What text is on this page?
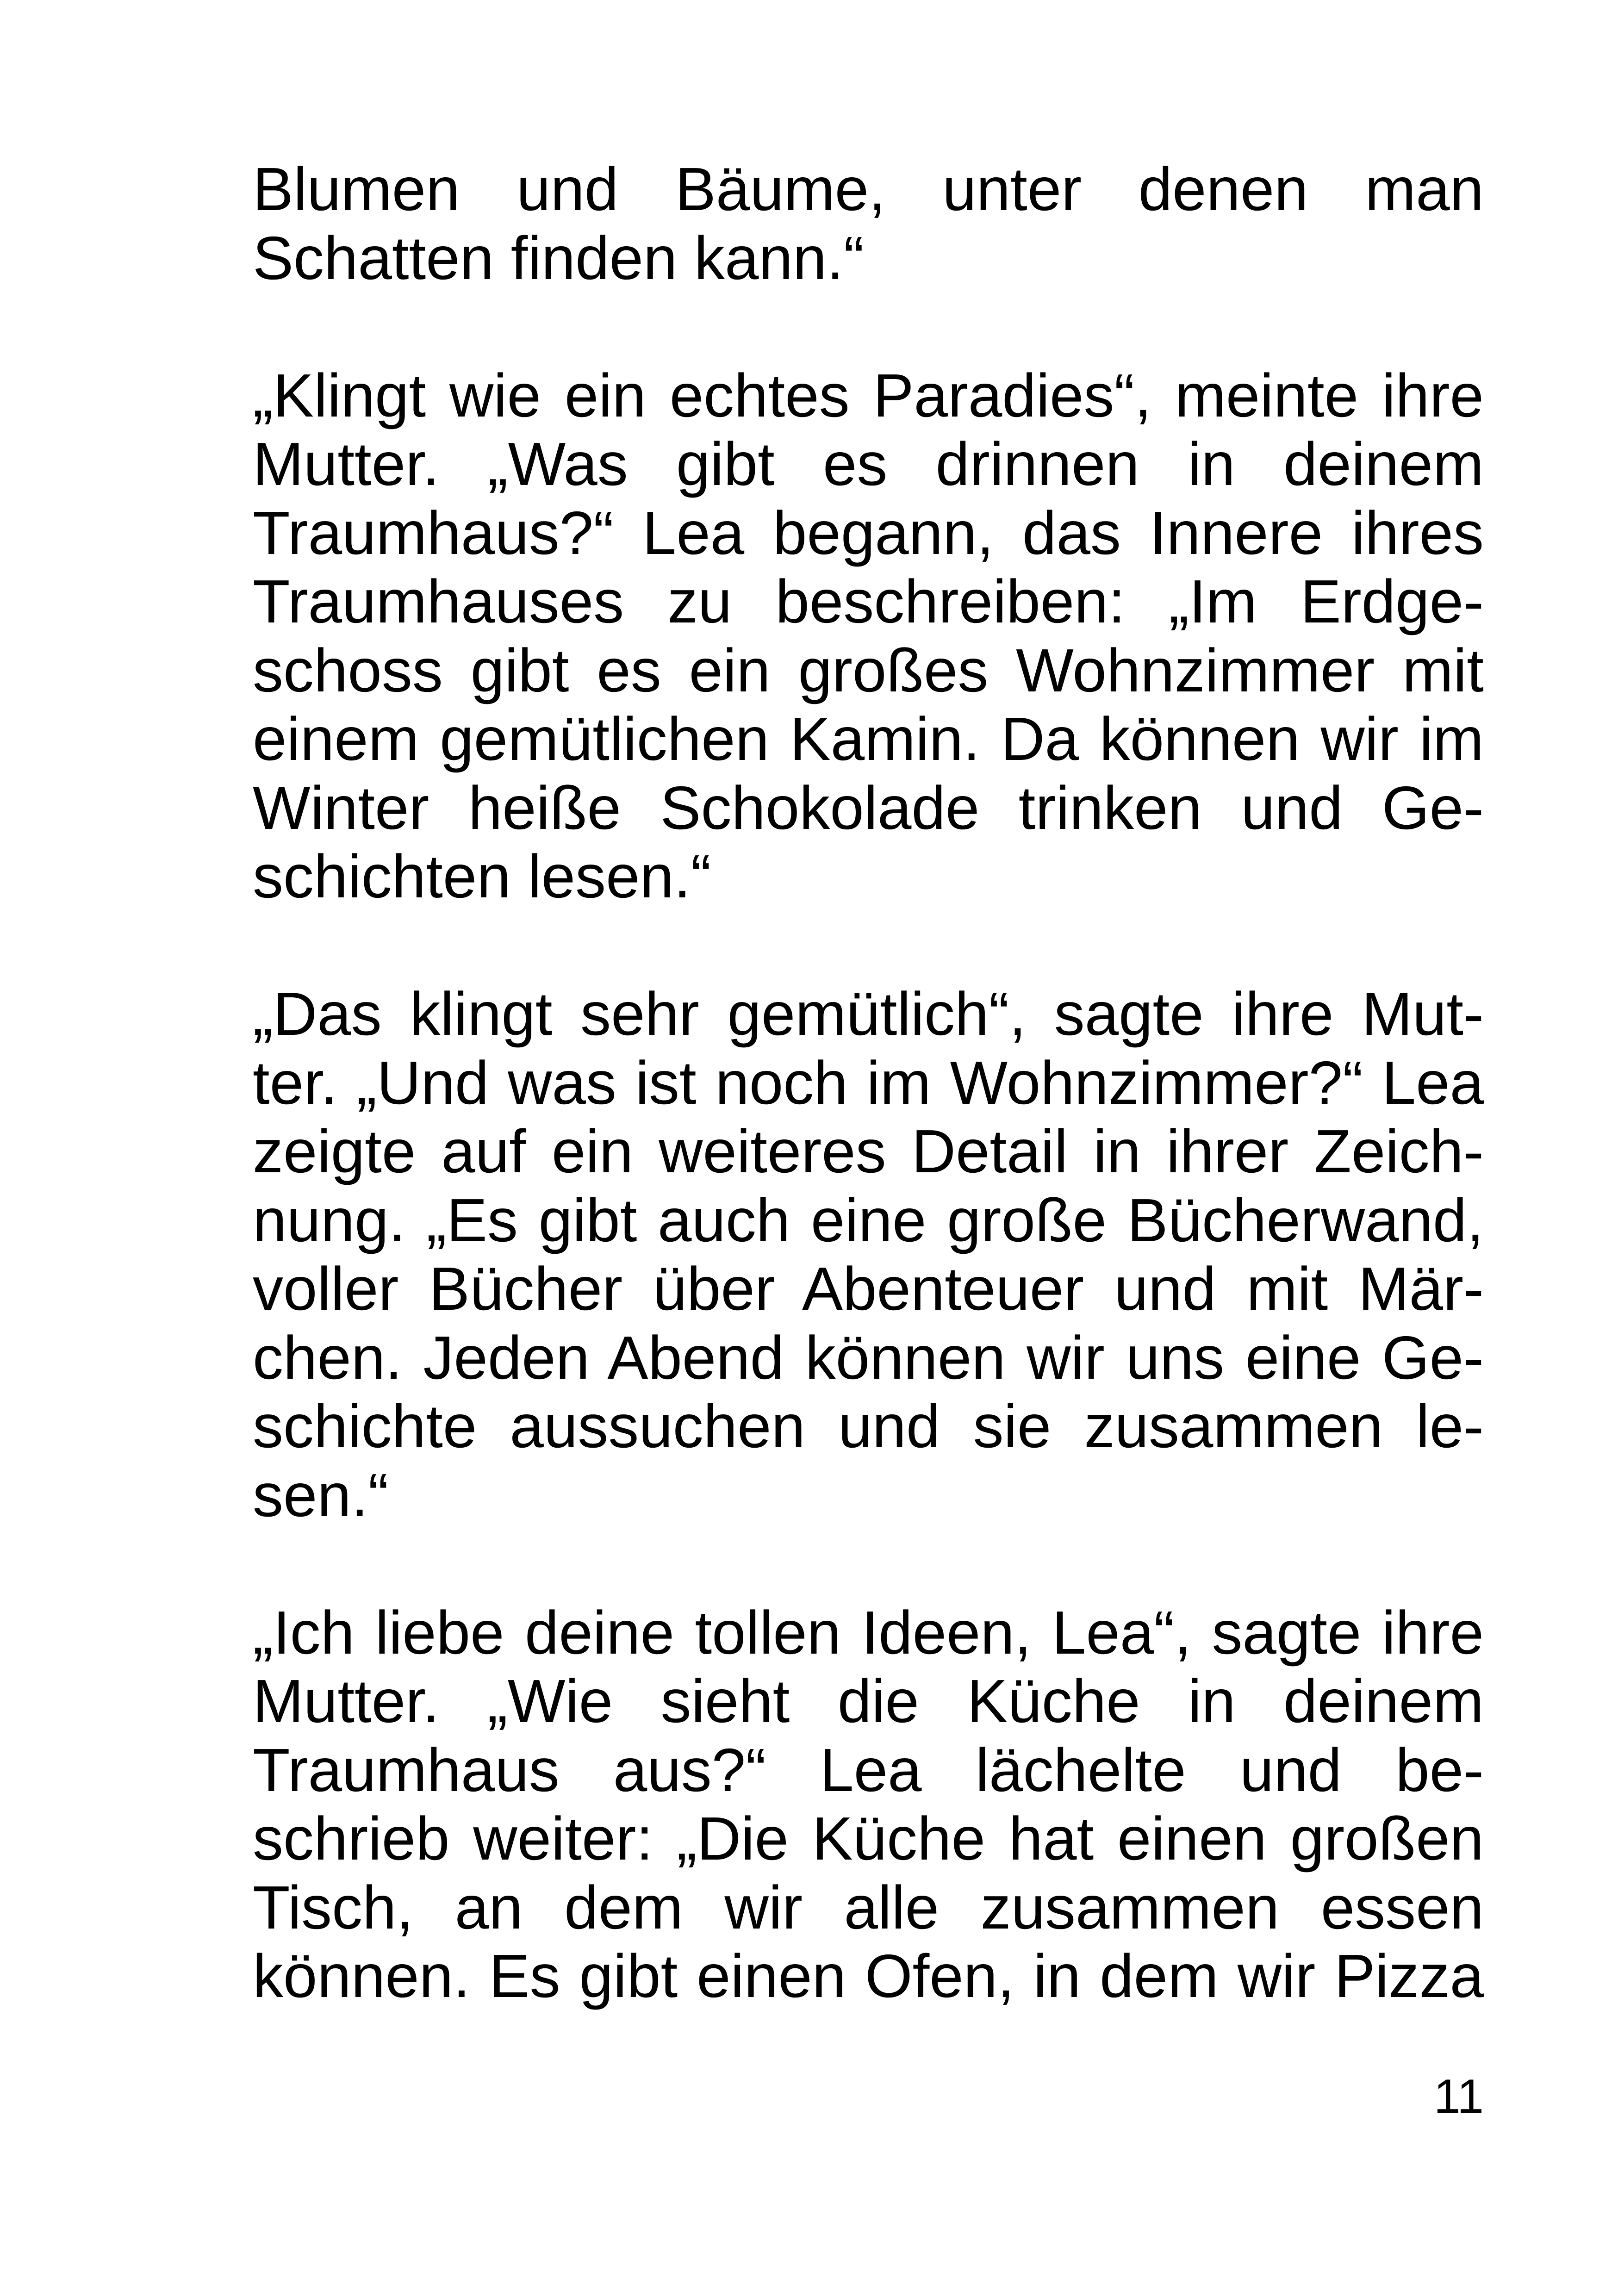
Blumen und Bäume, unter denen man
Schatten finden kann.“
„Klingt wie ein echtes Paradies“, meinte ihre
Mutter. „Was gibt es drinnen in deinem
Traumhaus?“ Lea begann, das Innere ihres
Traumhauses zu beschreiben: „Im Erdge-
schoss gibt es ein großes Wohnzimmer mit
einem gemütlichen Kamin. Da können wir im
Winter heiße Schokolade trinken und Ge-
schichten lesen.“
„Das klingt sehr gemütlich“, sagte ihre Mut-
ter. „Und was ist noch im Wohnzimmer?“ Lea
zeigte auf ein weiteres Detail in ihrer Zeich-
nung. „Es gibt auch eine große Bücherwand,
voller Bücher über Abenteuer und mit Mär-
chen. Jeden Abend können wir uns eine Ge-
schichte aussuchen und sie zusammen le-
sen.“
„Ich liebe deine tollen Ideen, Lea“, sagte ihre
Mutter. „Wie sieht die Küche in deinem
Traumhaus aus?“ Lea lächelte und be-
schrieb weiter: „Die Küche hat einen großen
Tisch, an dem wir alle zusammen essen
können. Es gibt einen Ofen, in dem wir Pizza
11
